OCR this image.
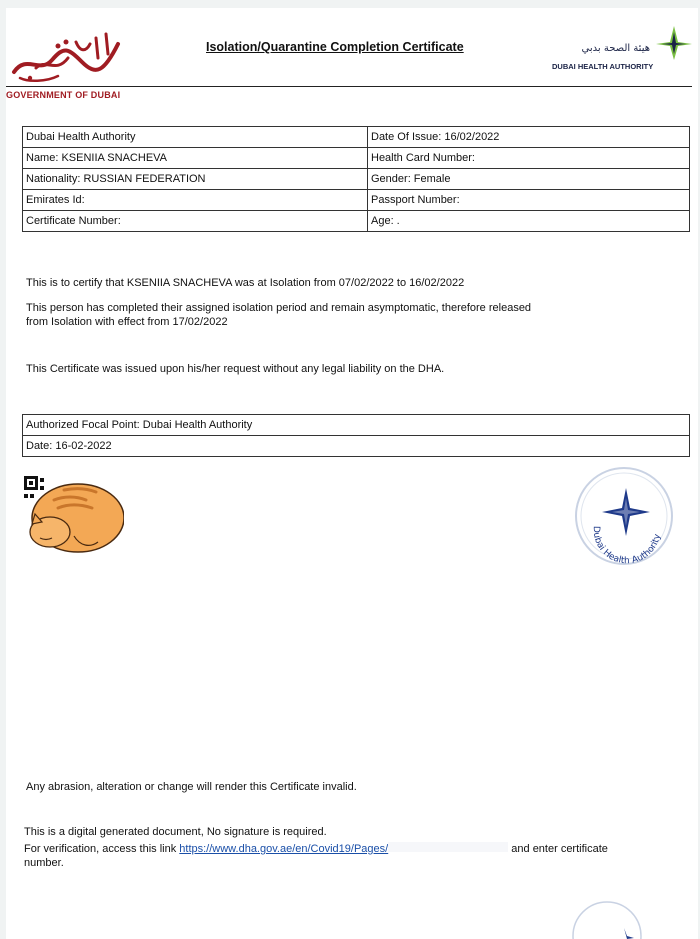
GOVERNMENT OF DUBAI
Isolation/Quarantine Completion Certificate	هيئة الصحة بدبي
DUBAI HEALTH AUTHORITY
Dubai Health Authority	Date Of Issue: 16/02/2022
Name: KSENIIA SNACHEVA	Health Card Number:
Nationality: RUSSIAN FEDERATION	Gender: Female
Emirates Id:	Passport Number:
Certificate Number:	Age: .
This is to certify that KSENIIA SNACHEVA was at Isolation from 07/02/2022 to 16/02/2022
This person has completed their assigned isolation period and remain asymptomatic, therefore released
from Isolation with effect from 17/02/2022
This Certificate was issued upon his/her request without any legal liability on the DHA.
Authorized Focal Point: Dubai Health Authority
Date: 16-02-2022
Dubai Health Authority
Any abrasion, alteration or change will render this Certificate invalid.
This is a digital generated document, No signature is required.
For verification, access this link https://www.dha.gov.ae/en/Covid19/Pages/	and enter certificate
number.
